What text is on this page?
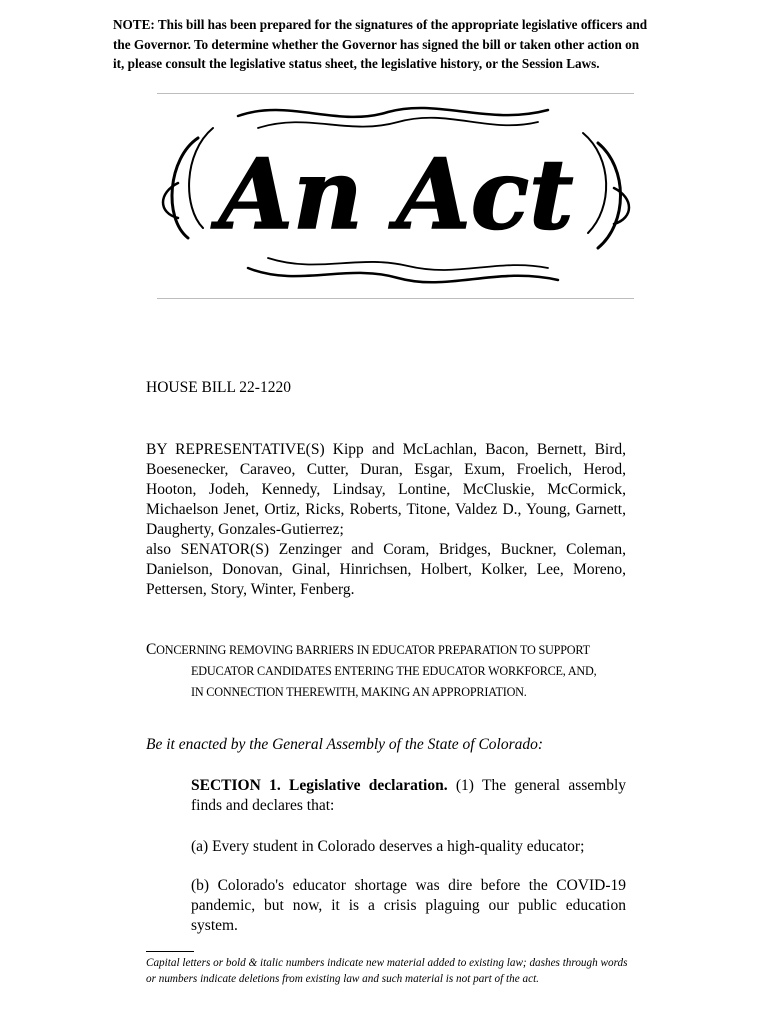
NOTE: This bill has been prepared for the signatures of the appropriate legislative officers and the Governor. To determine whether the Governor has signed the bill or taken other action on it, please consult the legislative status sheet, the legislative history, or the Session Laws.
An Act
HOUSE BILL 22-1220

BY REPRESENTATIVE(S) Kipp and McLachlan, Bacon, Bernett, Bird, Boesenecker, Caraveo, Cutter, Duran, Esgar, Exum, Froelich, Herod, Hooton, Jodeh, Kennedy, Lindsay, Lontine, McCluskie, McCormick, Michaelson Jenet, Ortiz, Ricks, Roberts, Titone, Valdez D., Young, Garnett, Daugherty, Gonzales-Gutierrez;

also SENATOR(S) Zenzinger and Coram, Bridges, Buckner, Coleman, Danielson, Donovan, Ginal, Hinrichsen, Holbert, Kolker, Lee, Moreno, Pettersen, Story, Winter, Fenberg.

CONCERNING REMOVING BARRIERS IN EDUCATOR PREPARATION TO SUPPORT
EDUCATOR CANDIDATES ENTERING THE EDUCATOR WORKFORCE, AND,
IN CONNECTION THEREWITH, MAKING AN APPROPRIATION.
Be it enacted by the General Assembly of the State of Colorado:
SECTION 1. Legislative declaration. (1) The general assembly finds and declares that:
(a) Every student in Colorado deserves a high-quality educator;
(b) Colorado's educator shortage was dire before the COVID-19 pandemic, but now, it is a crisis plaguing our public education system.
Capital letters or bold & italic numbers indicate new material added to existing law; dashes through words or numbers indicate deletions from existing law and such material is not part of the act.
